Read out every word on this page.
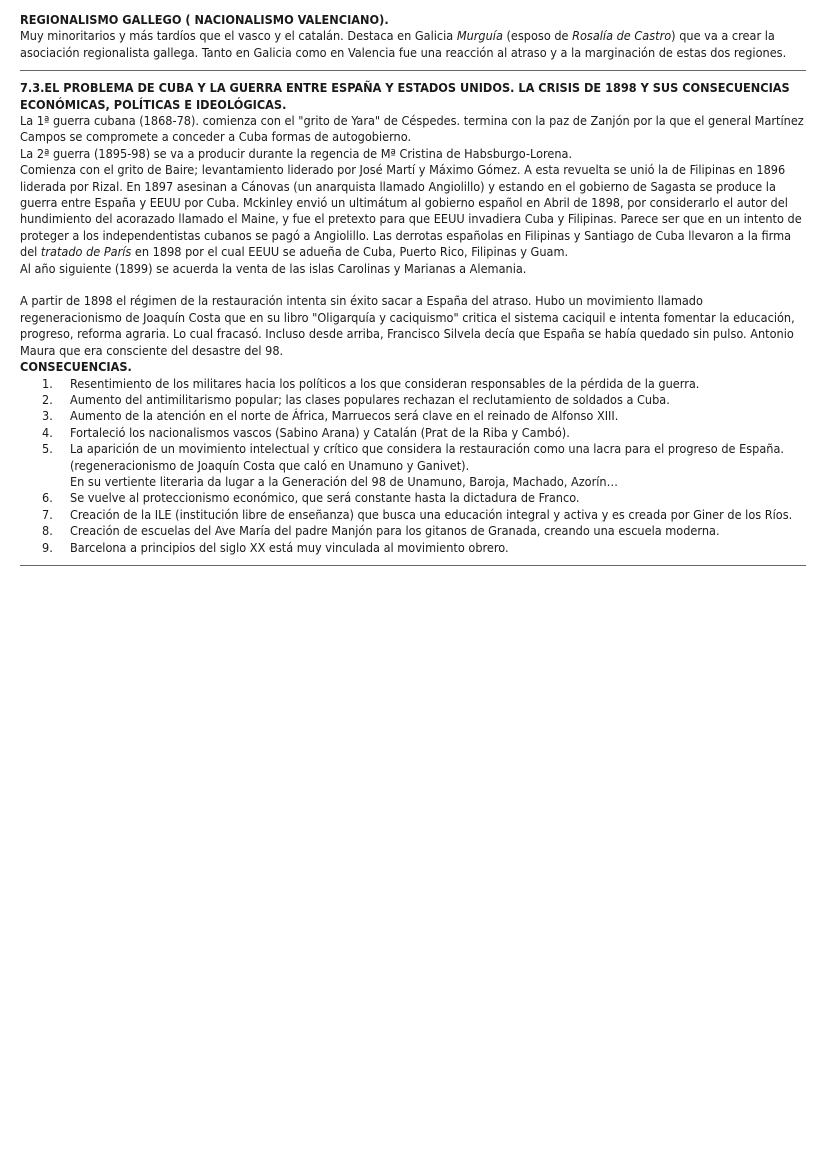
REGIONALISMO GALLEGO ( NACIONALISMO VALENCIANO).

Muy minoritarios y más tardíos que el vasco y el catalán. Destaca en Galicia Murguía (esposo de Rosalía de Castro) que va a crear la asociación regionalista gallega. Tanto en Galicia como en Valencia fue una reacción al atraso y a la marginación de estas dos regiones.

7.3.EL PROBLEMA DE CUBA Y LA GUERRA ENTRE ESPAÑA Y ESTADOS UNIDOS. LA CRISIS DE 1898 Y SUS CONSECUENCIAS ECONÓMICAS, POLÍTICAS E IDEOLÓGICAS.

La 1ª guerra cubana (1868-78). comienza con el "grito de Yara" de Céspedes. termina con la paz de Zanjón por la que el general Martínez Campos se compromete a conceder a Cuba formas de autogobierno.

La 2ª guerra (1895-98) se va a producir durante la regencia de Mª Cristina de Habsburgo-Lorena.

Comienza con el grito de Baire; levantamiento liderado por José Martí y Máximo Gómez. A esta revuelta se unió la de Filipinas en 1896 liderada por Rizal. En 1897 asesinan a Cánovas (un anarquista llamado Angiolillo) y estando en el gobierno de Sagasta se produce la guerra entre España y EEUU por Cuba. Mckinley envió un ultimátum al gobierno español en Abril de 1898, por considerarlo el autor del hundimiento del acorazado llamado el Maine, y fue el pretexto para que EEUU invadiera Cuba y Filipinas. Parece ser que en un intento de proteger a los independentistas cubanos se pagó a Angiolillo. Las derrotas españolas en Filipinas y Santiago de Cuba llevaron a la firma del tratado de París en 1898 por el cual EEUU se adueña de Cuba, Puerto Rico, Filipinas y Guam.

Al año siguiente (1899) se acuerda la venta de las islas Carolinas y Marianas a Alemania.

A partir de 1898 el régimen de la restauración intenta sin éxito sacar a España del atraso. Hubo un movimiento llamado regeneracionismo de Joaquín Costa que en su libro "Oligarquía y caciquismo" critica el sistema caciquil e intenta fomentar la educación, progreso, reforma agraria. Lo cual fracasó. Incluso desde arriba, Francisco Silvela decía que España se había quedado sin pulso. Antonio Maura que era consciente del desastre del 98.

CONSECUENCIAS.

1.	Resentimiento de los militares hacia los políticos a los que consideran responsables de la pérdida de la guerra.
2.	Aumento del antimilitarismo popular; las clases populares rechazan el reclutamiento de soldados a Cuba.
3.	Aumento de la atención en el norte de África, Marruecos será clave en el reinado de Alfonso XIII.
4.	Fortaleció los nacionalismos vascos (Sabino Arana) y Catalán (Prat de la Riba y Cambó).
5.	La aparición de un movimiento intelectual y crítico que considera la restauración como una lacra para el progreso de España. (regeneracionismo de Joaquín Costa que caló en Unamuno y Ganivet).
En su vertiente literaria da lugar a la Generación del 98 de Unamuno, Baroja, Machado, Azorín…
6.	Se vuelve al proteccionismo económico, que será constante hasta la dictadura de Franco.
7.	Creación de la ILE (institución libre de enseñanza) que busca una educación integral y activa y es creada por Giner de los Ríos.
8.	Creación de escuelas del Ave María del padre Manjón para los gitanos de Granada, creando una escuela moderna.
9.	Barcelona a principios del siglo XX está muy vinculada al movimiento obrero.
